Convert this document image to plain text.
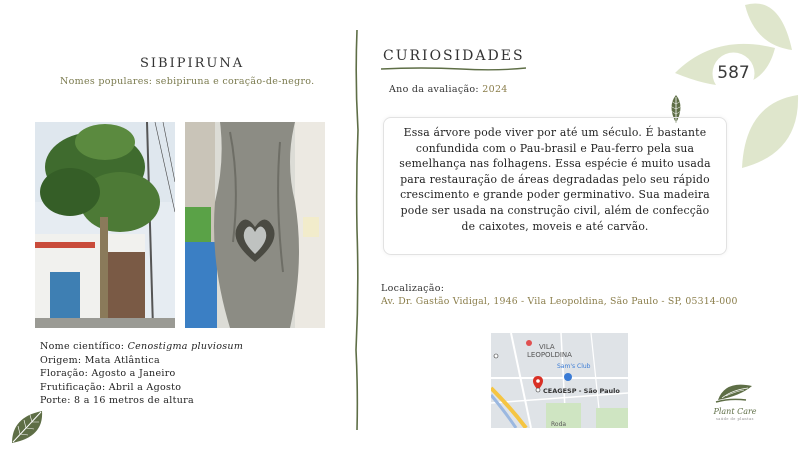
SIBIPIRUNA
Nomes populares: sebipiruna e coração-de-negro.
Nome científico: Cenostigma pluviosum
Origem: Mata Atlântica
Floração: Agosto a Janeiro
Frutificação: Abril a Agosto
Porte: 8 a 16 metros de altura
CURIOSIDADES
Ano da avaliação: 2024

Essa árvore pode viver por até um século. É bastante confundida com o Pau-brasil e Pau-ferro pela sua semelhança nas folhagens. Essa espécie é muito usada para restauração de áreas degradadas pelo seu rápido crescimento e grande poder germinativo. Sua madeira pode ser usada na construção civil, além de confecção de caixotes, moveis e até carvão.

Localização:
Av. Dr. Gastão Vidigal, 1946 - Vila Leopoldina, São Paulo - SP, 05314-000
VILA
LEOPOLDINA
Sam's Club
CEAGESP - São Paulo
Roda
587
Plant Care
saúde de plantas
